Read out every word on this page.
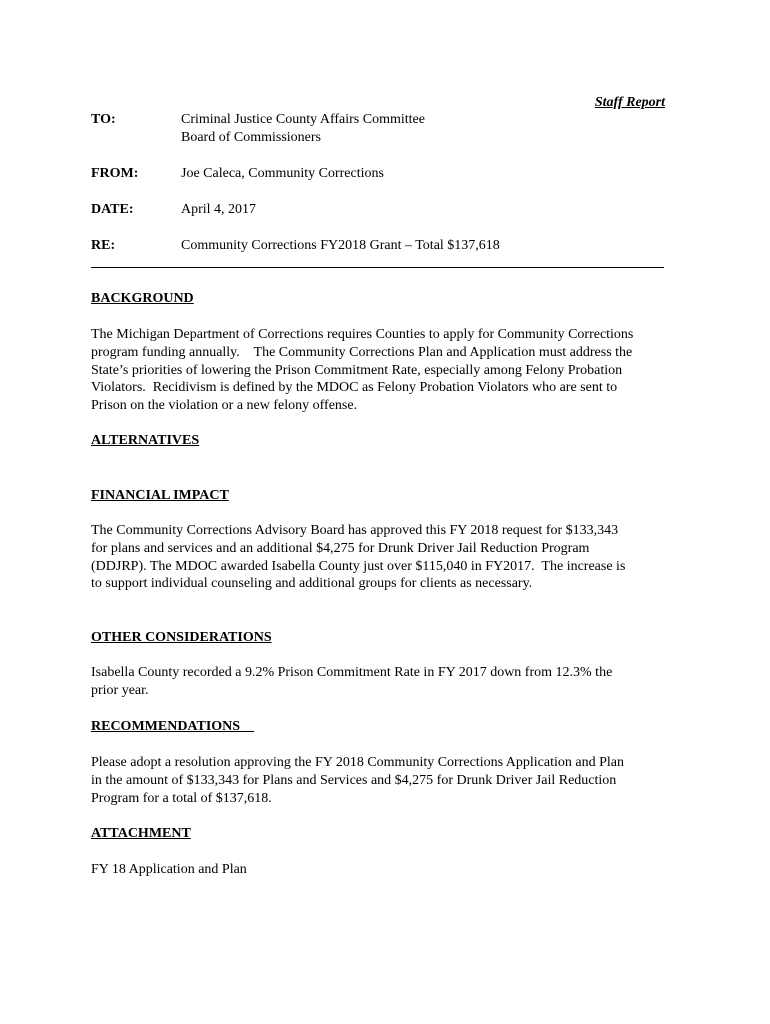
Staff Report
TO:	Criminal Justice County Affairs Committee
Board of Commissioners
FROM:	Joe Caleca, Community Corrections
DATE:	April 4, 2017
RE:	Community Corrections FY2018 Grant – Total $137,618
BACKGROUND
The Michigan Department of Corrections requires Counties to apply for Community Corrections
program funding annually.    The Community Corrections Plan and Application must address the
State’s priorities of lowering the Prison Commitment Rate, especially among Felony Probation
Violators.  Recidivism is defined by the MDOC as Felony Probation Violators who are sent to
Prison on the violation or a new felony offense.
ALTERNATIVES
FINANCIAL IMPACT
The Community Corrections Advisory Board has approved this FY 2018 request for $133,343
for plans and services and an additional $4,275 for Drunk Driver Jail Reduction Program
(DDJRP). The MDOC awarded Isabella County just over $115,040 in FY2017.  The increase is
to support individual counseling and additional groups for clients as necessary.
OTHER CONSIDERATIONS
Isabella County recorded a 9.2% Prison Commitment Rate in FY 2017 down from 12.3% the
prior year.
RECOMMENDATIONS
Please adopt a resolution approving the FY 2018 Community Corrections Application and Plan
in the amount of $133,343 for Plans and Services and $4,275 for Drunk Driver Jail Reduction
Program for a total of $137,618.
ATTACHMENT
FY 18 Application and Plan
